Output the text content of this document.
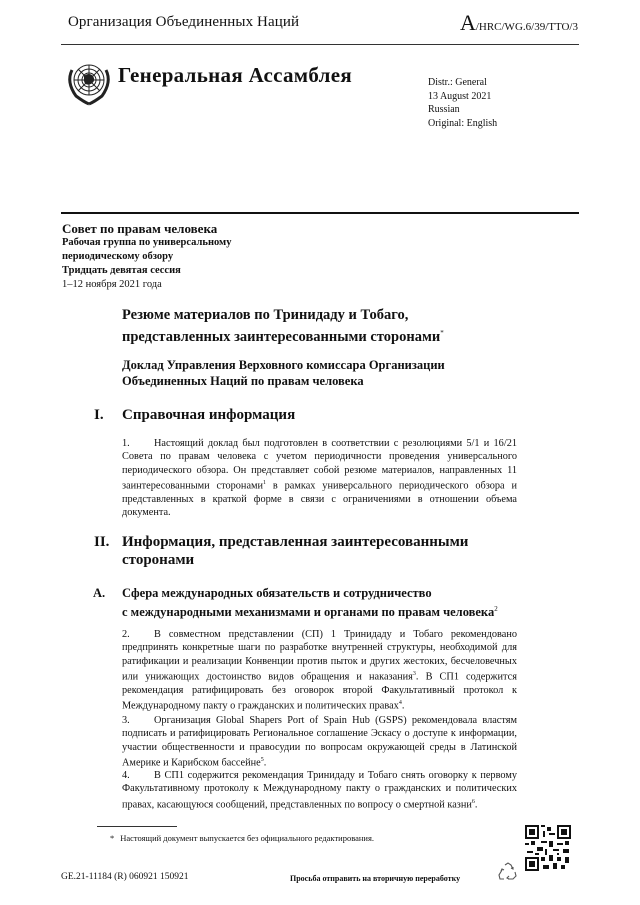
Организация Объединенных Наций	A/HRC/WG.6/39/TTO/3
Генеральная Ассамблея	Distr.: General
13 August 2021
Russian
Original: English
Совет по правам человека
Рабочая группа по универсальному
периодическому обзору
Тридцать девятая сессия
1–12 ноября 2021 года
Резюме материалов по Тринидаду и Тобаго,
представленных заинтересованными сторонами*
Доклад Управления Верховного комиссара Организации
Объединенных Наций по правам человека
I. Справочная информация
1. Настоящий доклад был подготовлен в соответствии с резолюциями 5/1 и 16/21 Совета по правам человека с учетом периодичности проведения универсального периодического обзора. Он представляет собой резюме материалов, направленных 11 заинтересованными сторонами$^1$ в рамках универсального периодического обзора и представленных в краткой форме в связи с ограничениями в отношении объема документа.
II. Информация, представленная заинтересованными сторонами
A. Сфера международных обязательств и сотрудничество
с международными механизмами и органами по правам человека$^2$
2. В совместном представлении (СП) 1 Тринидаду и Тобаго рекомендовано предпринять конкретные шаги по разработке внутренней структуры, необходимой для ратификации и реализации Конвенции против пыток и других жестоких, бесчеловечных или унижающих достоинство видов обращения и наказания$^3$. В СП1 содержится рекомендация ратифицировать без оговорок второй Факультативный протокол к Международному пакту о гражданских и политических правах$^4$.
3. Организация Global Shapers Port of Spain Hub (GSPS) рекомендовала властям подписать и ратифицировать Региональное соглашение Эскасу о доступе к информации, участии общественности и правосудии по вопросам окружающей среды в Латинской Америке и Карибском бассейне$^5$.
4. В СП1 содержится рекомендация Тринидаду и Тобаго снять оговорку к первому Факультативному протоколу к Международному пакту о гражданских и политических правах, касающуюся сообщений, представленных по вопросу о смертной казни$^6$.
* Настоящий документ выпускается без официального редактирования.
GE.21-11184 (R) 060921 150921	Просьба отправить на вторичную переработку
